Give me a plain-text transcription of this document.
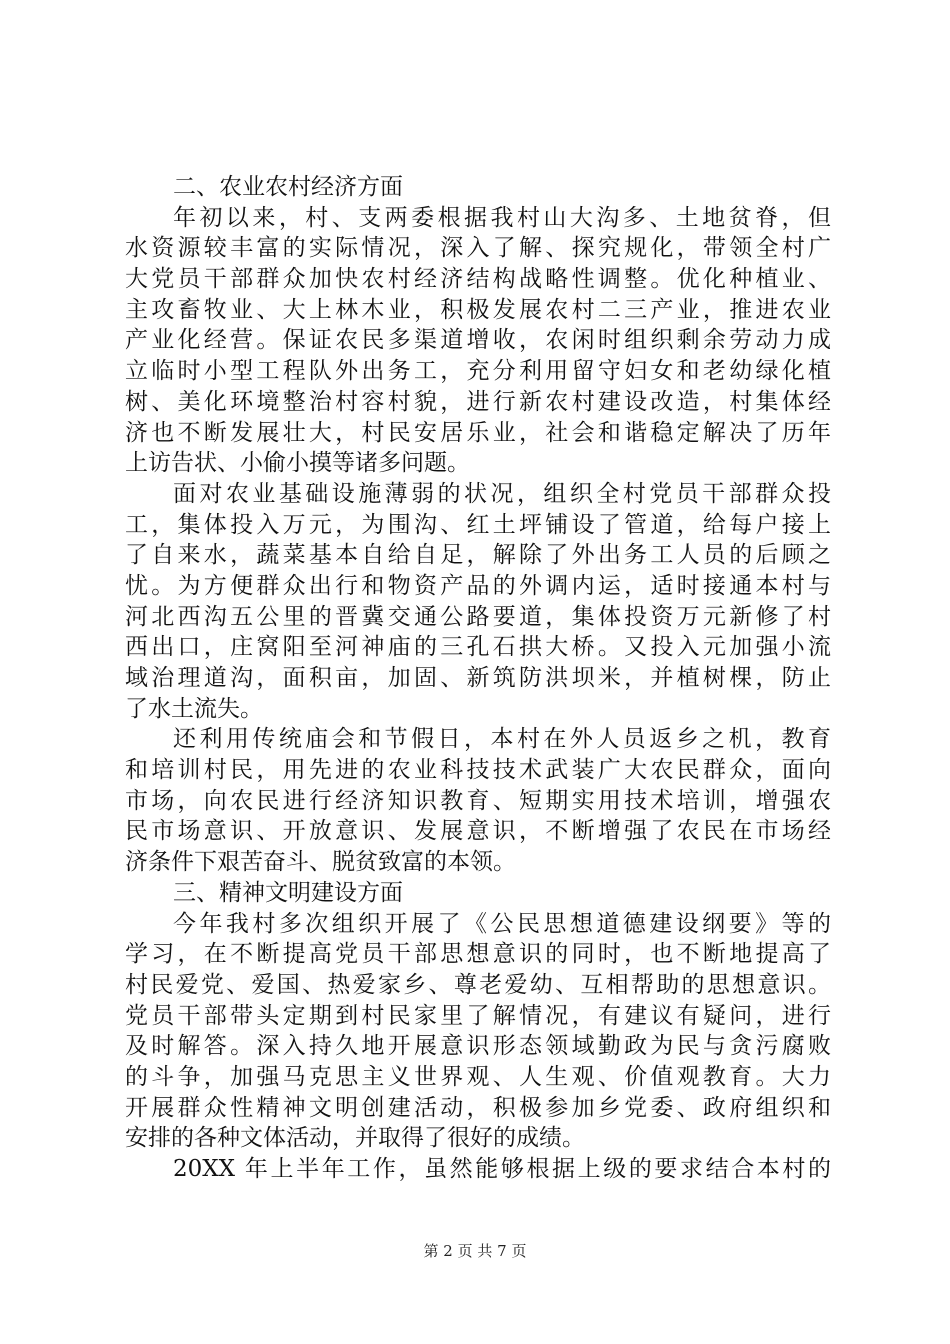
二、农业农村经济方面
年初以来，村、支两委根据我村山大沟多、土地贫脊，但
水资源较丰富的实际情况，深入了解、探究规化，带领全村广
大党员干部群众加快农村经济结构战略性调整。优化种植业、
主攻畜牧业、大上林木业，积极发展农村二三产业，推进农业
产业化经营。保证农民多渠道增收，农闲时组织剩余劳动力成
立临时小型工程队外出务工，充分利用留守妇女和老幼绿化植
树、美化环境整治村容村貌，进行新农村建设改造，村集体经
济也不断发展壮大，村民安居乐业，社会和谐稳定解决了历年
上访告状、小偷小摸等诸多问题。
面对农业基础设施薄弱的状况，组织全村党员干部群众投
工，集体投入万元，为围沟、红土坪铺设了管道，给每户接上
了自来水，蔬菜基本自给自足，解除了外出务工人员的后顾之
忧。为方便群众出行和物资产品的外调内运，适时接通本村与
河北西沟五公里的晋冀交通公路要道，集体投资万元新修了村
西出口，庄窝阳至河神庙的三孔石拱大桥。又投入元加强小流
域治理道沟，面积亩，加固、新筑防洪坝米，并植树棵，防止
了水土流失。
还利用传统庙会和节假日，本村在外人员返乡之机，教育
和培训村民，用先进的农业科技技术武装广大农民群众，面向
市场，向农民进行经济知识教育、短期实用技术培训，增强农
民市场意识、开放意识、发展意识，不断增强了农民在市场经
济条件下艰苦奋斗、脱贫致富的本领。
三、精神文明建设方面
今年我村多次组织开展了《公民思想道德建设纲要》等的
学习，在不断提高党员干部思想意识的同时，也不断地提高了
村民爱党、爱国、热爱家乡、尊老爱幼、互相帮助的思想意识。
党员干部带头定期到村民家里了解情况，有建议有疑问，进行
及时解答。深入持久地开展意识形态领域勤政为民与贪污腐败
的斗争，加强马克思主义世界观、人生观、价值观教育。大力
开展群众性精神文明创建活动，积极参加乡党委、政府组织和
安排的各种文体活动，并取得了很好的成绩。
20XX 年上半年工作，虽然能够根据上级的要求结合本村的
第 2 页 共 7 页
